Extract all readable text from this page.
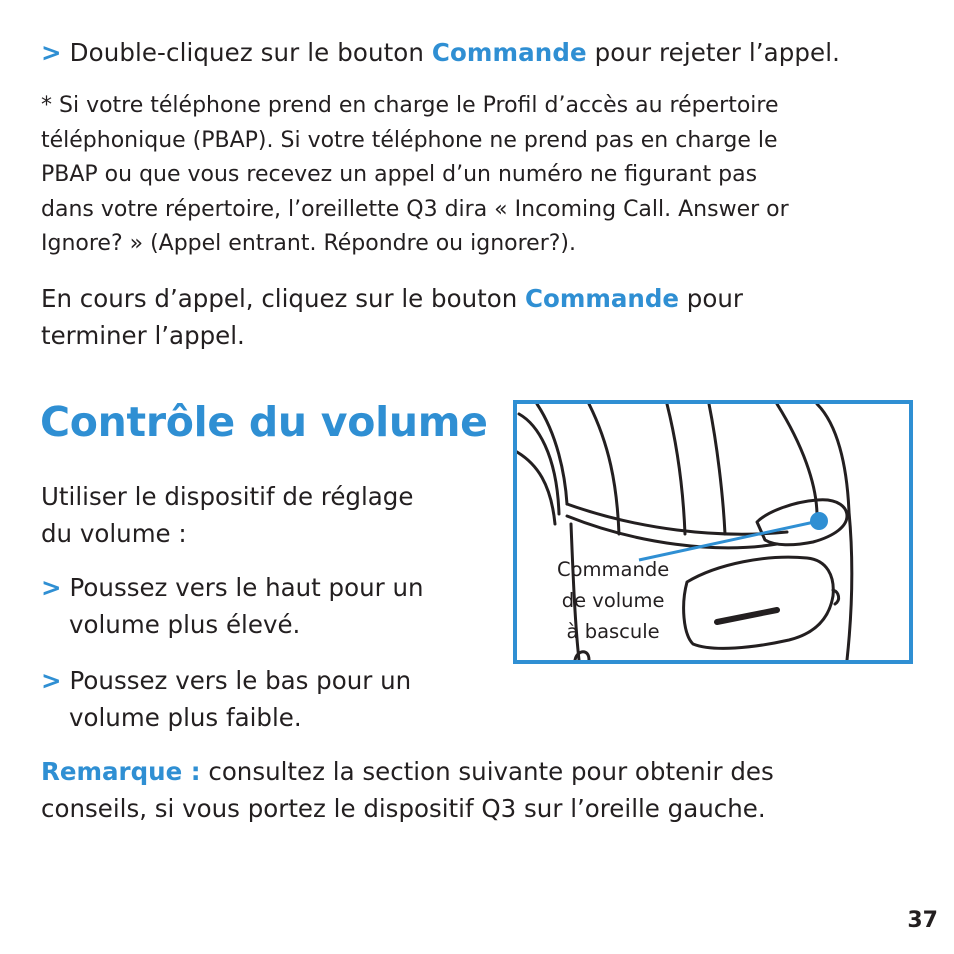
> Double-cliquez sur le bouton Commande pour rejeter l’appel.

* Si votre téléphone prend en charge le Profil d’accès au répertoire

téléphonique (PBAP). Si votre téléphone ne prend pas en charge le

PBAP ou que vous recevez un appel d’un numéro ne figurant pas

dans votre répertoire, l’oreillette Q3 dira « Incoming Call. Answer or

Ignore? » (Appel entrant. Répondre ou ignorer?).

En cours d’appel, cliquez sur le bouton Commande pour

terminer l’appel.

Contrôle du volume

Utiliser le dispositif de réglage

du volume :

> Poussez vers le haut pour un

volume plus élevé.

> Poussez vers le bas pour un

volume plus faible.

Commande
de volume
à bascule

Remarque : consultez la section suivante pour obtenir des

conseils, si vous portez le dispositif Q3 sur l’oreille gauche.

37
